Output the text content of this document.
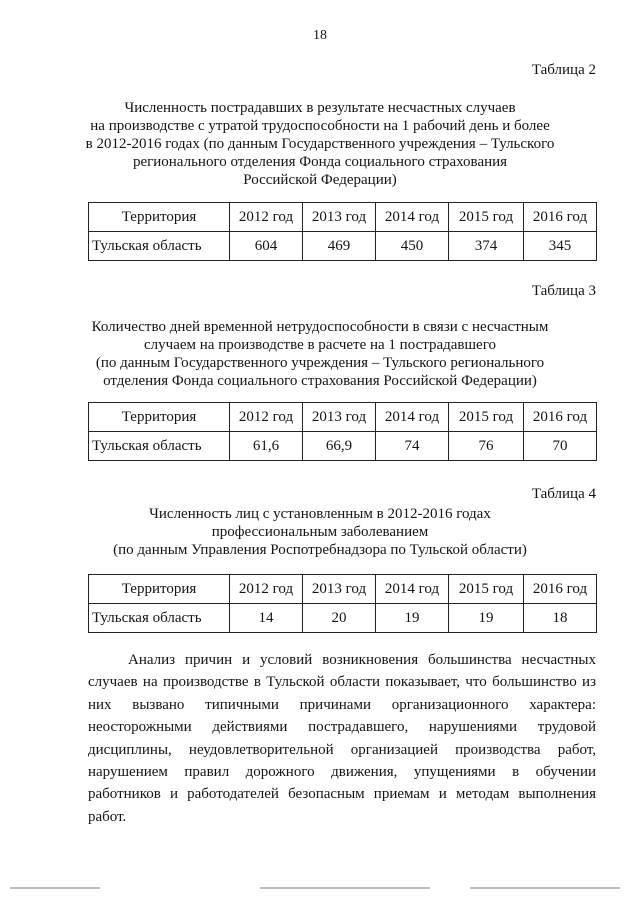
18
Таблица 2
Численность пострадавших в результате несчастных случаев
на производстве с утратой трудоспособности на 1 рабочий день и более
в 2012-2016 годах (по данным Государственного учреждения – Тульского
регионального отделения Фонда социального страхования
Российской Федерации)
Территория	2012 год	2013 год	2014 год	2015 год	2016 год
Тульская область	604	469	450	374	345
Таблица 3
Количество дней временной нетрудоспособности в связи с несчастным
случаем на производстве в расчете на 1 пострадавшего
(по данным Государственного учреждения – Тульского регионального
отделения Фонда социального страхования Российской Федерации)
Территория	2012 год	2013 год	2014 год	2015 год	2016 год
Тульская область	61,6	66,9	74	76	70
Таблица 4
Численность лиц с установленным в 2012-2016 годах
профессиональным заболеванием
(по данным Управления Роспотребнадзора по Тульской области)
Территория	2012 год	2013 год	2014 год	2015 год	2016 год
Тульская область	14	20	19	19	18
Анализ причин и условий возникновения большинства несчастных случаев на производстве в Тульской области показывает, что большинство из них вызвано типичными причинами организационного характера: неосторожными действиями пострадавшего, нарушениями трудовой дисциплины, неудовлетворительной организацией производства работ, нарушением правил дорожного движения, упущениями в обучении работников и работодателей безопасным приемам и методам выполнения работ.
